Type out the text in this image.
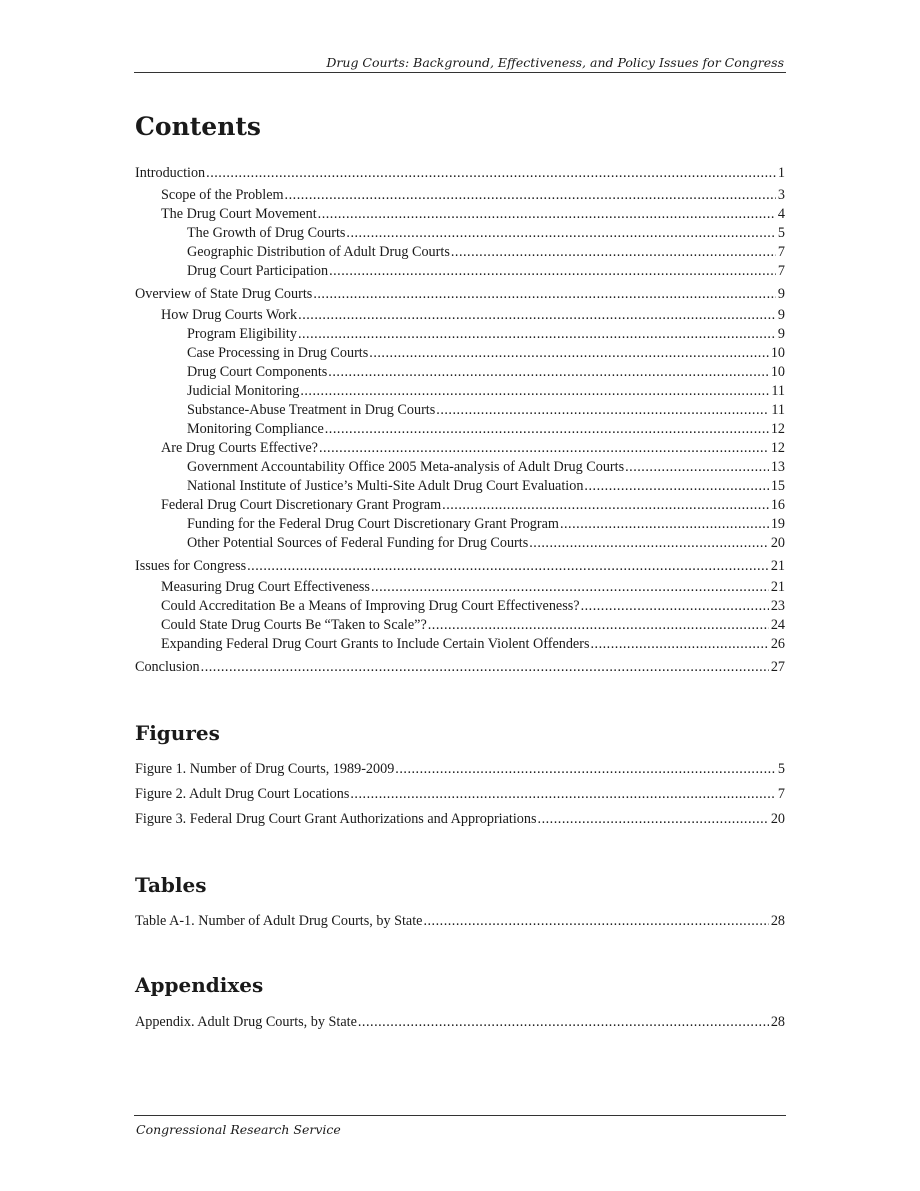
Drug Courts: Background, Effectiveness, and Policy Issues for Congress
Contents
Introduction .....	1
Scope of the Problem .....	3
The Drug Court Movement .....	4
The Growth of Drug Courts .....	5
Geographic Distribution of Adult Drug Courts .....	7
Drug Court Participation .....	7
Overview of State Drug Courts .....	9
How Drug Courts Work .....	9
Program Eligibility .....	9
Case Processing in Drug Courts .....	10
Drug Court Components .....	10
Judicial Monitoring .....	11
Substance-Abuse Treatment in Drug Courts .....	11
Monitoring Compliance .....	12
Are Drug Courts Effective? .....	12
Government Accountability Office 2005 Meta-analysis of Adult Drug Courts .....	13
National Institute of Justice’s Multi-Site Adult Drug Court Evaluation .....	15
Federal Drug Court Discretionary Grant Program .....	16
Funding for the Federal Drug Court Discretionary Grant Program .....	19
Other Potential Sources of Federal Funding for Drug Courts .....	20
Issues for Congress .....	21
Measuring Drug Court Effectiveness .....	21
Could Accreditation Be a Means of Improving Drug Court Effectiveness? .....	23
Could State Drug Courts Be “Taken to Scale”? .....	24
Expanding Federal Drug Court Grants to Include Certain Violent Offenders .....	26
Conclusion .....	27
Figures
Figure 1. Number of Drug Courts, 1989-2009 .....	5
Figure 2. Adult Drug Court Locations .....	7
Figure 3. Federal Drug Court Grant Authorizations and Appropriations .....	20
Tables
Table A-1. Number of Adult Drug Courts, by State .....	28
Appendixes
Appendix. Adult Drug Courts, by State .....	28
Congressional Research Service
